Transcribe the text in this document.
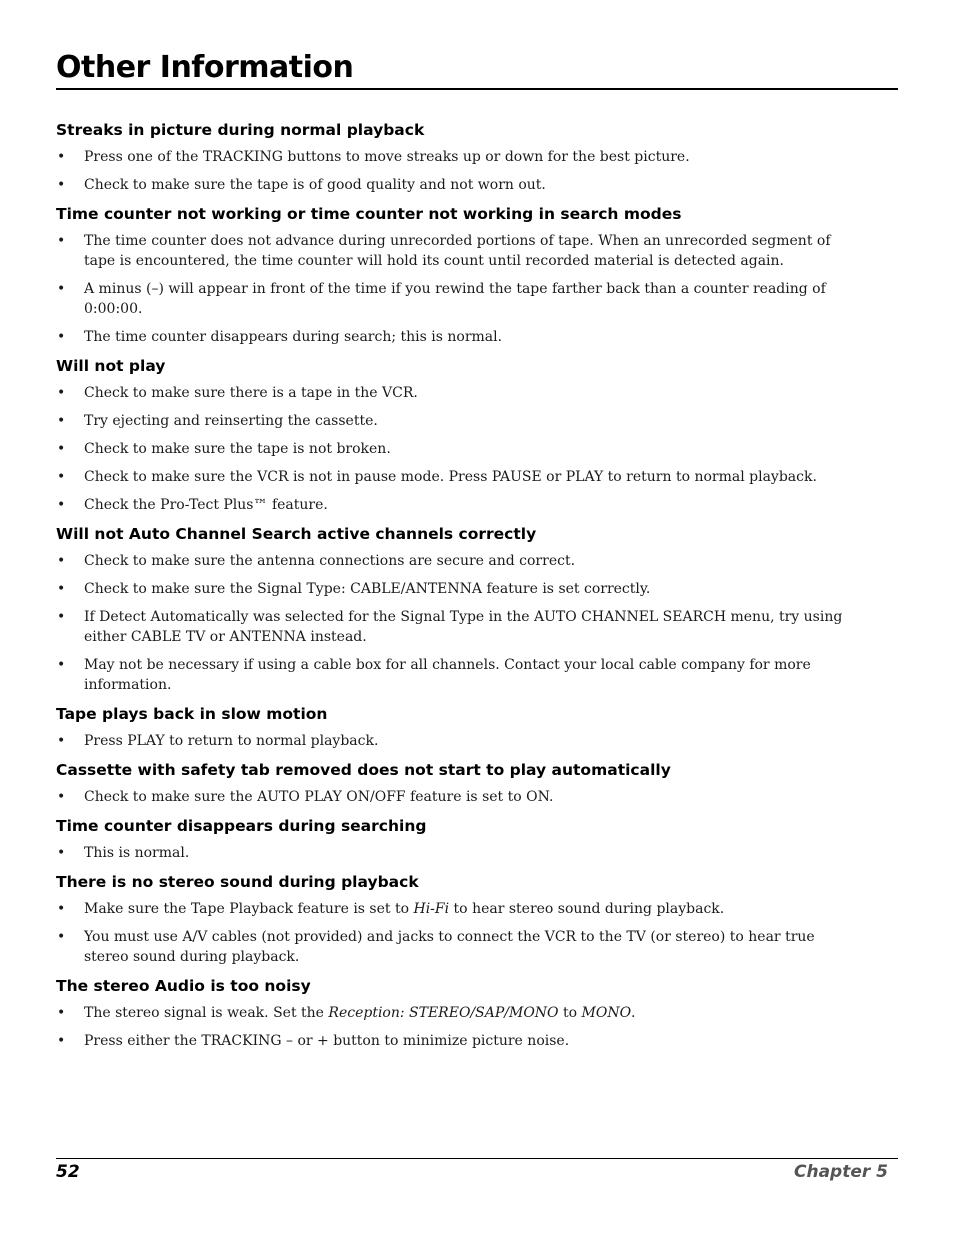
Other Information
Streaks in picture during normal playback
• Press one of the TRACKING buttons to move streaks up or down for the best picture.
• Check to make sure the tape is of good quality and not worn out.
Time counter not working or time counter not working in search modes
• The time counter does not advance during unrecorded portions of tape. When an unrecorded segment of tape is encountered, the time counter will hold its count until recorded material is detected again.
• A minus (–) will appear in front of the time if you rewind the tape farther back than a counter reading of 0:00:00.
• The time counter disappears during search; this is normal.
Will not play
• Check to make sure there is a tape in the VCR.
• Try ejecting and reinserting the cassette.
• Check to make sure the tape is not broken.
• Check to make sure the VCR is not in pause mode. Press PAUSE or PLAY to return to normal playback.
• Check the Pro-Tect Plus™ feature.
Will not Auto Channel Search active channels correctly
• Check to make sure the antenna connections are secure and correct.
• Check to make sure the Signal Type: CABLE/ANTENNA feature is set correctly.
• If Detect Automatically was selected for the Signal Type in the AUTO CHANNEL SEARCH menu, try using either CABLE TV or ANTENNA instead.
• May not be necessary if using a cable box for all channels. Contact your local cable company for more information.
Tape plays back in slow motion
• Press PLAY to return to normal playback.
Cassette with safety tab removed does not start to play automatically
• Check to make sure the AUTO PLAY ON/OFF feature is set to ON.
Time counter disappears during searching
• This is normal.
There is no stereo sound during playback
• Make sure the Tape Playback feature is set to Hi-Fi to hear stereo sound during playback.
• You must use A/V cables (not provided) and jacks to connect the VCR to the TV (or stereo) to hear true stereo sound during playback.
The stereo Audio is too noisy
• The stereo signal is weak. Set the Reception: STEREO/SAP/MONO to MONO.
• Press either the TRACKING – or + button to minimize picture noise.
52	Chapter 5
